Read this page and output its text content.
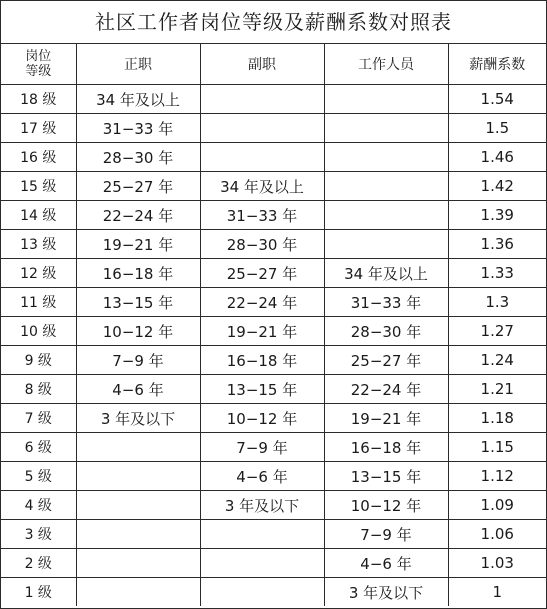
社区工作者岗位等级及薪酬系数对照表
岗位
等级	正职	副职	工作人员	薪酬系数
18 级	34 年及以上			1.54
17 级	31−33 年			1.5
16 级	28−30 年			1.46
15 级	25−27 年	34 年及以上		1.42
14 级	22−24 年	31−33 年		1.39
13 级	19−21 年	28−30 年		1.36
12 级	16−18 年	25−27 年	34 年及以上	1.33
11 级	13−15 年	22−24 年	31−33 年	1.3
10 级	10−12 年	19−21 年	28−30 年	1.27
9 级	7−9 年	16−18 年	25−27 年	1.24
8 级	4−6 年	13−15 年	22−24 年	1.21
7 级	3 年及以下	10−12 年	19−21 年	1.18
6 级		7−9 年	16−18 年	1.15
5 级		4−6 年	13−15 年	1.12
4 级		3 年及以下	10−12 年	1.09
3 级			7−9 年	1.06
2 级			4−6 年	1.03
1 级			3 年及以下	1
